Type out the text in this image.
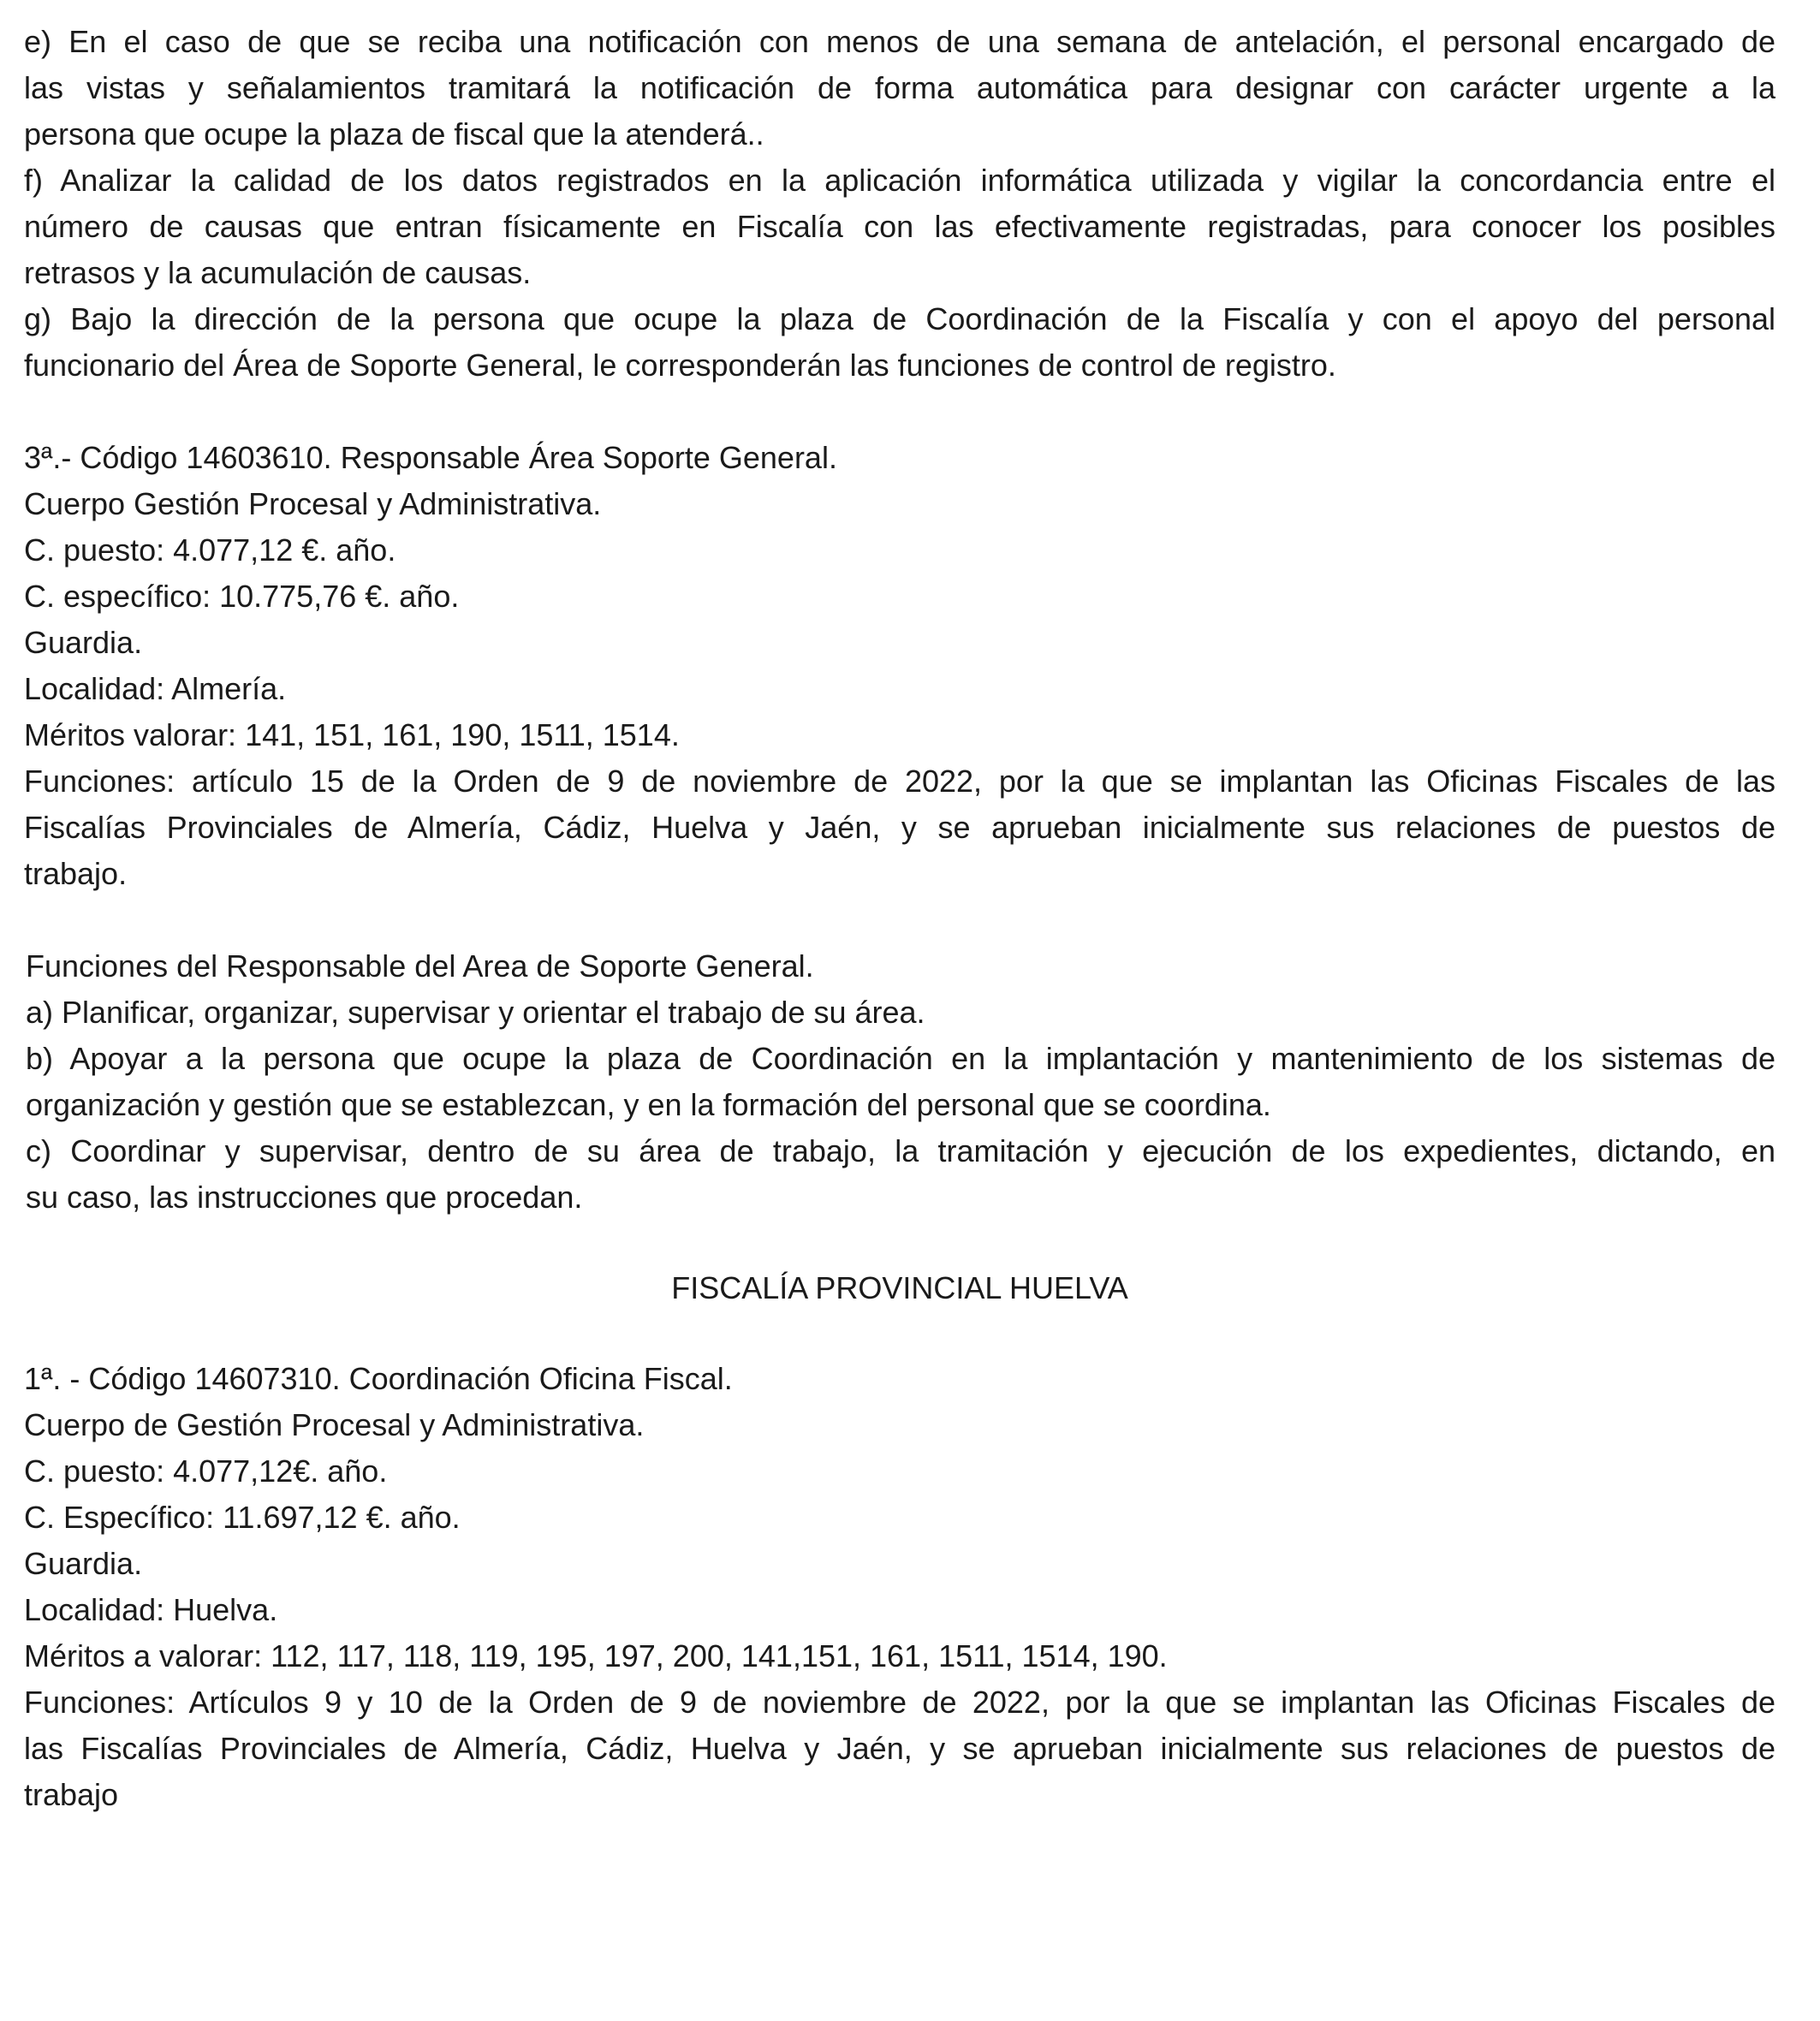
e) En el caso de que se reciba una notificación con menos de una semana de antelación, el personal encargado de
las vistas y señalamientos tramitará la notificación de forma automática para designar con carácter urgente a la
persona que ocupe la plaza de fiscal que la atenderá..
f) Analizar la calidad de los datos registrados en la aplicación informática utilizada y vigilar la concordancia entre el
número de causas que entran físicamente en Fiscalía con las efectivamente registradas, para conocer los posibles
retrasos y la acumulación de causas.
g) Bajo la dirección de la persona que ocupe la plaza de Coordinación de la Fiscalía y con el apoyo del personal
funcionario del Área de Soporte General, le corresponderán las funciones de control de registro.
3ª.- Código 14603610. Responsable Área Soporte General.
Cuerpo Gestión Procesal y Administrativa.
C. puesto: 4.077,12 €. año.
C. específico: 10.775,76 €. año.
Guardia.
Localidad: Almería.
Méritos valorar: 141, 151, 161, 190, 1511, 1514.
Funciones: artículo 15 de la Orden de 9 de noviembre de 2022, por la que se implantan las Oficinas Fiscales de las
Fiscalías Provinciales de Almería, Cádiz, Huelva y Jaén, y se aprueban inicialmente sus relaciones de puestos de
trabajo.
Funciones del Responsable del Area de Soporte General.
a) Planificar, organizar, supervisar y orientar el trabajo de su área.
b) Apoyar a la persona que ocupe la plaza de Coordinación en la implantación y mantenimiento de los sistemas de
organización y gestión que se establezcan, y en la formación del personal que se coordina.
c) Coordinar y supervisar, dentro de su área de trabajo, la tramitación y ejecución de los expedientes, dictando, en
su caso, las instrucciones que procedan.
FISCALÍA PROVINCIAL HUELVA
1ª. - Código 14607310. Coordinación Oficina Fiscal.
Cuerpo de Gestión Procesal y Administrativa.
C. puesto: 4.077,12€. año.
C. Específico: 11.697,12 €. año.
Guardia.
Localidad: Huelva.
Méritos a valorar: 112, 117, 118, 119, 195, 197, 200, 141,151, 161, 1511, 1514, 190.
Funciones: Artículos 9 y 10 de la Orden de 9 de noviembre de 2022, por la que se implantan las Oficinas Fiscales de
las Fiscalías Provinciales de Almería, Cádiz, Huelva y Jaén, y se aprueban inicialmente sus relaciones de puestos de
trabajo
